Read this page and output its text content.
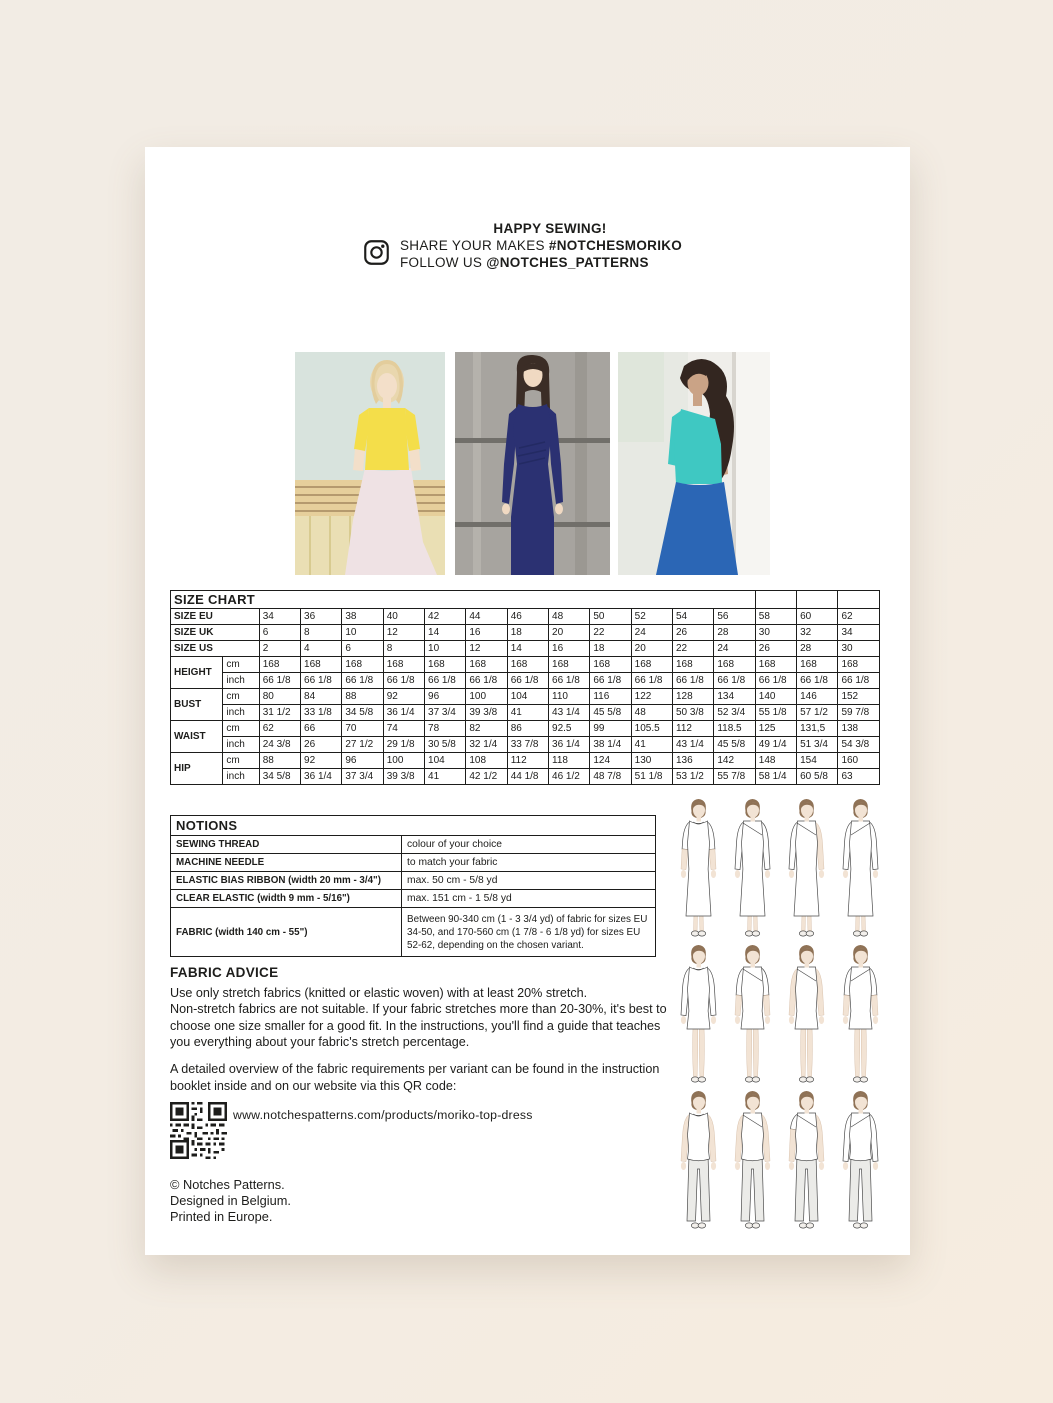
HAPPY SEWING!
SHARE YOUR MAKES #NOTCHESMORIKO
FOLLOW US @NOTCHES_PATTERNS
SIZE CHART																
SIZE EU		34	36	38	40	42	44	46	48	50	52	54	56	58	60	62
SIZE UK		6	8	10	12	14	16	18	20	22	24	26	28	30	32	34
SIZE US		2	4	6	8	10	12	14	16	18	20	22	24	26	28	30
HEIGHT	cm	168	168	168	168	168	168	168	168	168	168	168	168	168	168	168
	inch	66 1/8	66 1/8	66 1/8	66 1/8	66 1/8	66 1/8	66 1/8	66 1/8	66 1/8	66 1/8	66 1/8	66 1/8	66 1/8	66 1/8	66 1/8
BUST	cm	80	84	88	92	96	100	104	110	116	122	128	134	140	146	152
	inch	31 1/2	33 1/8	34 5/8	36 1/4	37 3/4	39 3/8	41	43 1/4	45 5/8	48	50 3/8	52 3/4	55 1/8	57 1/2	59 7/8
WAIST	cm	62	66	70	74	78	82	86	92.5	99	105.5	112	118.5	125	131,5	138
	inch	24 3/8	26	27 1/2	29 1/8	30 5/8	32 1/4	33 7/8	36 1/4	38 1/4	41	43 1/4	45 5/8	49 1/4	51 3/4	54 3/8
HIP	cm	88	92	96	100	104	108	112	118	124	130	136	142	148	154	160
	inch	34 5/8	36 1/4	37 3/4	39 3/8	41	42 1/2	44 1/8	46 1/2	48 7/8	51 1/8	53 1/2	55 7/8	58 1/4	60 5/8	63
NOTIONS	
SEWING THREAD	colour of your choice
MACHINE NEEDLE	to match your fabric
ELASTIC BIAS RIBBON (width 20 mm - 3/4")	max. 50 cm - 5/8 yd
CLEAR ELASTIC (width 9 mm - 5/16")	max. 151 cm - 1 5/8 yd
FABRIC (width 140 cm - 55")	Between 90-340 cm (1 - 3 3/4 yd) of fabric for sizes EU 34-50, and 170-560 cm (1 7/8 - 6 1/8 yd) for sizes EU 52-62, depending on the chosen variant.
FABRIC ADVICE
Use only stretch fabrics (knitted or elastic woven) with at least 20% stretch.
Non-stretch fabrics are not suitable. If your fabric stretches more than 20-30%, it's best to choose one size smaller for a good fit. In the instructions, you'll find a guide that teaches you everything about your fabric's stretch percentage.
A detailed overview of the fabric requirements per variant can be found in the instruction booklet inside and on our website via this QR code:
www.notchespatterns.com/products/moriko-top-dress
© Notches Patterns.
Designed in Belgium.
Printed in Europe.
